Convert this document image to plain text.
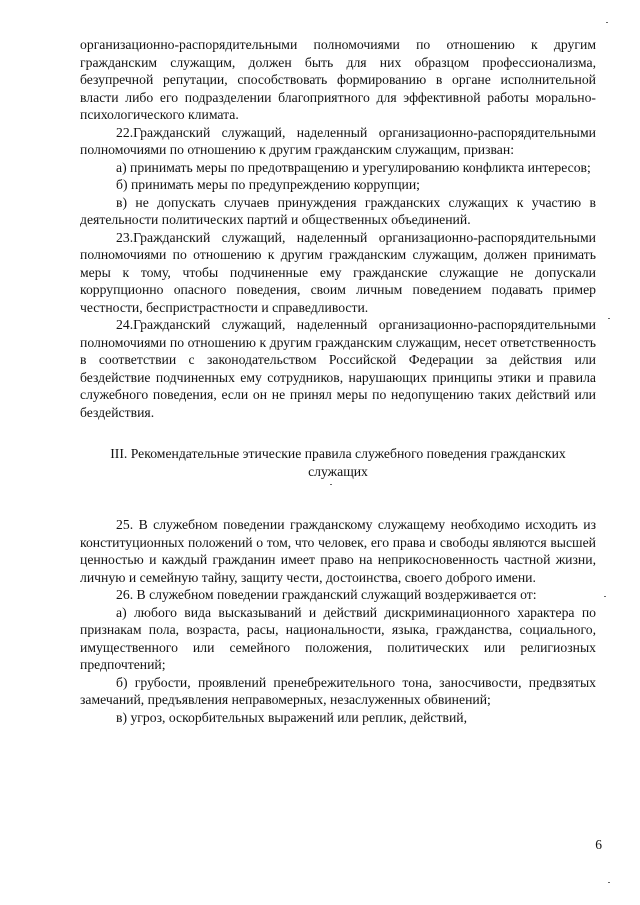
организационно-распорядительными полномочиями по отношению к другим гражданским служащим, должен быть для них образцом профессионализма, безупречной репутации, способствовать формированию в органе исполнительной власти либо его подразделении благоприятного для эффективной работы морально-психологического климата.

22.Гражданский служащий, наделенный организационно-распорядительными полномочиями по отношению к другим гражданским служащим, призван:

а) принимать меры по предотвращению и урегулированию конфликта интересов;

б) принимать меры по предупреждению коррупции;

в) не допускать случаев принуждения гражданских служащих к участию в деятельности политических партий и общественных объединений.

23.Гражданский служащий, наделенный организационно-распорядительными полномочиями по отношению к другим гражданским служащим, должен принимать меры к тому, чтобы подчиненные ему гражданские служащие не допускали коррупционно опасного поведения, своим личным поведением подавать пример честности, беспристрастности и справедливости.

24.Гражданский служащий, наделенный организационно-распорядительными полномочиями по отношению к другим гражданским служащим, несет ответственность в соответствии с законодательством Российской Федерации за действия или бездействие подчиненных ему сотрудников, нарушающих принципы этики и правила служебного поведения, если он не принял меры по недопущению таких действий или бездействия.

III. Рекомендательные этические правила служебного поведения гражданских служащих

25. В служебном поведении гражданскому служащему необходимо исходить из конституционных положений о том, что человек, его права и свободы являются высшей ценностью и каждый гражданин имеет право на неприкосновенность частной жизни, личную и семейную тайну, защиту чести, достоинства, своего доброго имени.

26. В служебном поведении гражданский служащий воздерживается от:

а) любого вида высказываний и действий дискриминационного характера по признакам пола, возраста, расы, национальности, языка, гражданства, социального, имущественного или семейного положения, политических или религиозных предпочтений;

б) грубости, проявлений пренебрежительного тона, заносчивости, предвзятых замечаний, предъявления неправомерных, незаслуженных обвинений;

в) угроз, оскорбительных выражений или реплик, действий,

6
